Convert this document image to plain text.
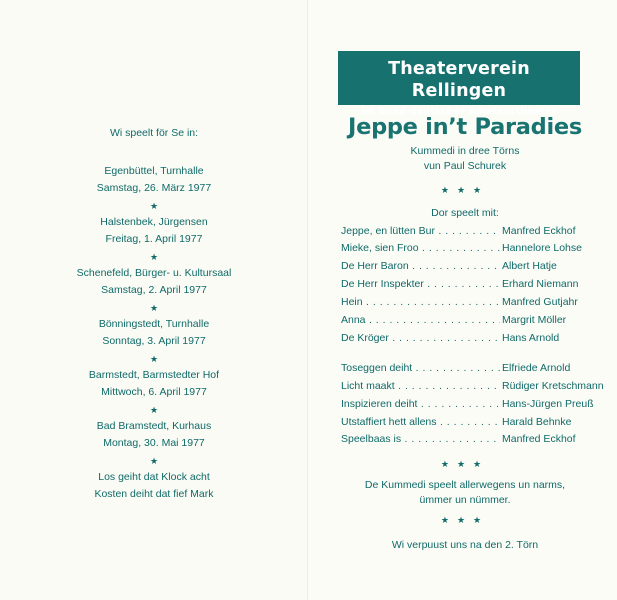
Wi speelt för Se in:
Egenbüttel, Turnhalle
Samstag, 26. März 1977
★
Halstenbek, Jürgensen
Freitag, 1. April 1977
★
Schenefeld, Bürger- u. Kultursaal
Samstag, 2. April 1977
★
Bönningstedt, Turnhalle
Sonntag, 3. April 1977
★
Barmstedt, Barmstedter Hof
Mittwoch, 6. April 1977
★
Bad Bramstedt, Kurhaus
Montag, 30. Mai 1977
★
Los geiht dat Klock acht
Kosten deiht dat fief Mark
Theaterverein Rellingen
im Bund deutscher Amateurtheater
Jeppe in’t Paradies
Kummedi in dree Törns
vun Paul Schurek
★★★
Dor speelt mit:
Jeppe, en lütten Bur . . .	Manfred Eckhof
Mieke, sien Froo . . .	Hannelore Lohse
De Herr Baron . . .	Albert Hatje
De Herr Inspekter . . .	Erhard Niemann
Hein . . .	Manfred Gutjahr
Anna . . .	Margrit Möller
De Kröger . . .	Hans Arnold
Toseggen deiht . . .	Elfriede Arnold
Licht maakt . . .	Rüdiger Kretschmann
Inspizieren deiht . . .	Hans-Jürgen Preuß
Utstaffiert hett allens . . .	Harald Behnke
Speelbaas is . . .	Manfred Eckhof
★★★
De Kummedi speelt allerwegens un narms,
ümmer un nümmer.
★★★
Wi verpuust uns na den 2. Törn
